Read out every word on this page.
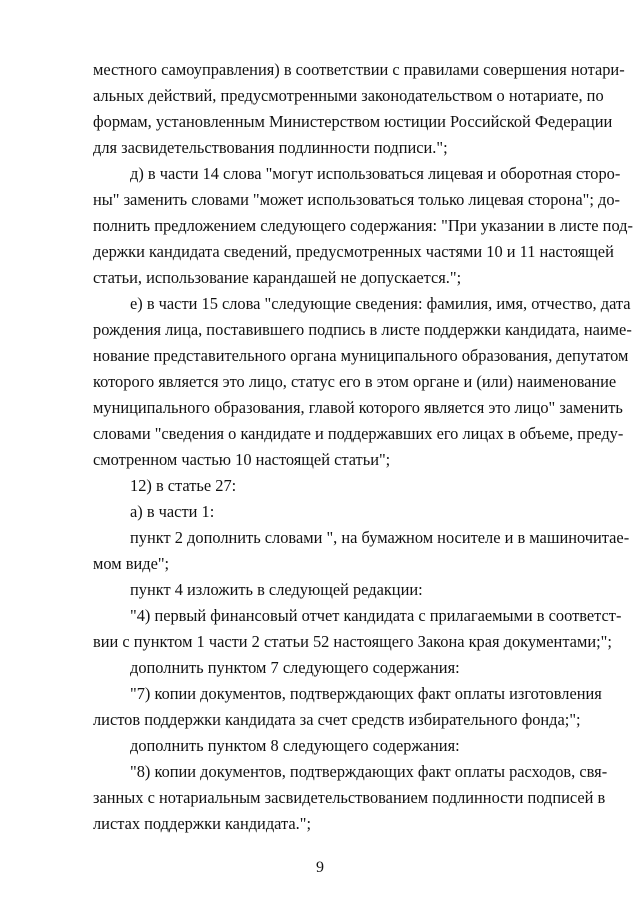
местного самоуправления) в соответствии с правилами совершения нотари-
альных действий, предусмотренными законодательством о нотариате, по
формам, установленным Министерством юстиции Российской Федерации
для засвидетельствования подлинности подписи.";
д) в части 14 слова "могут использоваться лицевая и оборотная сторо-
ны" заменить словами "может использоваться только лицевая сторона"; до-
полнить предложением следующего содержания: "При указании в листе под-
держки кандидата сведений, предусмотренных частями 10 и 11 настоящей
статьи, использование карандашей не допускается.";
е) в части 15 слова "следующие сведения: фамилия, имя, отчество, дата
рождения лица, поставившего подпись в листе поддержки кандидата, наиме-
нование представительного органа муниципального образования, депутатом
которого является это лицо, статус его в этом органе и (или) наименование
муниципального образования, главой которого является это лицо" заменить
словами "сведения о кандидате и поддержавших его лицах в объеме, преду-
смотренном частью 10 настоящей статьи";
12) в статье 27:
а) в части 1:
пункт 2 дополнить словами ", на бумажном носителе и в машиночитае-
мом виде";
пункт 4 изложить в следующей редакции:
"4) первый финансовый отчет кандидата с прилагаемыми в соответст-
вии с пунктом 1 части 2 статьи 52 настоящего Закона края документами;";
дополнить пунктом 7 следующего содержания:
"7) копии документов, подтверждающих факт оплаты изготовления
листов поддержки кандидата за счет средств избирательного фонда;";
дополнить пунктом 8 следующего содержания:
"8) копии документов, подтверждающих факт оплаты расходов, свя-
занных с нотариальным засвидетельствованием подлинности подписей в
листах поддержки кандидата.";
9
